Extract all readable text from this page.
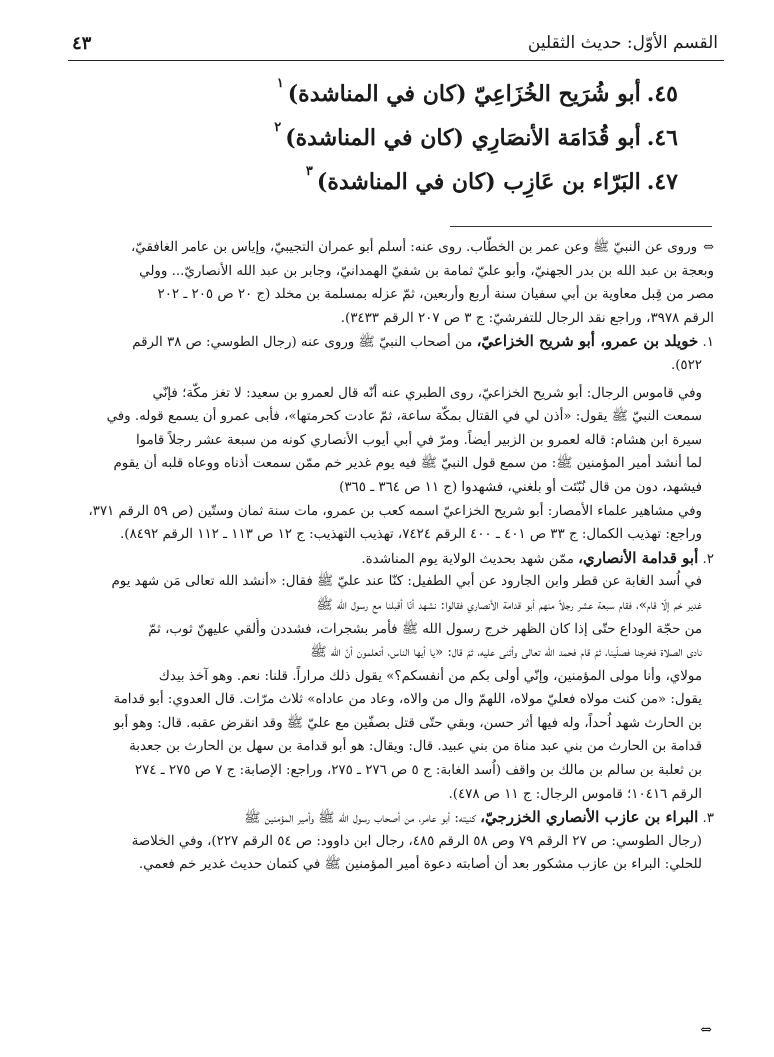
القسم الأوّل: حديث الثقلين
٤٣
٤٥.أبو شُرَيح الخُزَاعِيّ (كان في المناشدة)$^١$
٤٦.أبو قُدَامَة الأنصَارِي (كان في المناشدة)$^٢$
٤٧.البَرّاء بن عَازِب (كان في المناشدة)$^٣$
⇔وروى عن النبيّ ﷺ وعن عمر بن الخطّاب. روى عنه: أسلم أبو عمران التجيبيّ، وإياس بن عامر الغافقيّ،
وبعجة بن عبد الله بن بدر الجهنيّ، وأبو عليّ ثمامة بن شفيّ الهمدانيّ، وجابر بن عبد الله الأنصاريّ... وولي
مصر من قِبل معاوية بن أبي سفيان سنة أربع وأربعين، ثمّ عزله بمسلمة بن مخلد (ج ٢٠ ص ٢٠٥ ـ ٢٠٢
الرقم ٣٩٧٨، وراجع نقد الرجال للتفرشيّ: ج ٣ ص ٢٠٧ الرقم ٣٤٣٣).
١. خويلد بن عمرو، أبو شريح الخزاعيّ، من أصحاب النبيّ ﷺ وروى عنه (رجال الطوسي: ص ٣٨ الرقم
٥٢٢).
وفي قاموس الرجال: أبو شريح الخزاعيّ، روى الطبري عنه أنّه قال لعمرو بن سعيد: لا تغز مكّة؛ فإنّي
سمعت النبيّ ﷺ يقول: «أذن لي في القتال بمكّة ساعة، ثمّ عادت كحرمتها»، فأبى عمرو أن يسمع قوله. وفي
سيرة ابن هشام: قاله لعمرو بن الزبير أيضاً. ومرّ في أبي أيوب الأنصاري كونه من سبعة عشر رجلاً قاموا
لما أنشد أمير المؤمنين ﷺ: من سمع قول النبيّ ﷺ فيه يوم غدير خم ممّن سمعت أذناه ووعاه قلبه أن يقوم
فيشهد، دون من قال نُبّئت أو بلغني، فشهدوا (ج ١١ ص ٣٦٤ ـ ٣٦٥)
وفي مشاهير علماء الأمصار: أبو شريح الخزاعيّ اسمه كعب بن عمرو، مات سنة ثمان وستّين (ص ٥٩ الرقم ٣٧١،
وراجع: تهذيب الكمال: ج ٣٣ ص ٤٠١ ـ ٤٠٠ الرقم ٧٤٢٤، تهذيب التهذيب: ج ١٢ ص ١١٣ ـ ١١٢ الرقم ٨٤٩٢).
٢. أبو قدامة الأنصاري، ممّن شهد بحديث الولاية يوم المناشدة.
في اُسد الغابة عن قطر وابن الجارود عن أبي الطفيل: كنّا عند عليّ ﷺ فقال: «أنشد الله تعالى مَن شهد يوم
غدير خم إلّا قام»، فقام سبعة عشر رجلاً منهم أبو قدامة الأنصاري فقالوا: نشهد أنّا أقبلنا مع رسول الله ﷺ
من حجّة الوداع حتّى إذا كان الظهر خرج رسول الله ﷺ فأمر بشجرات، فشددن وأُلقي عليهنّ ثوب، ثمّ
نادى الصلاة فخرجنا فصلّينا، ثمّ قام فحمد الله تعالى وأثنى عليه، ثمّ قال: «يا أيها الناس، أتعلمون أنّ الله ﷺ
مولاي، وأنا مولى المؤمنين، وإنّي أولى بكم من أنفسكم؟» يقول ذلك مراراً. قلنا: نعم. وهو آخذ بيدك
يقول: «من كنت مولاه فعليّ مولاه، اللهمّ وال من والاه، وعاد من عاداه» ثلاث مرّات. قال العدوي: أبو قدامة
بن الحارث شهد اُحداً، وله فيها أثر حسن، وبقي حتّى قتل بصفّين مع عليّ ﷺ وقد انقرض عقبه. قال: وهو أبو
قدامة بن الحارث من بني عبد مناة من بني عبيد. قال: ويقال: هو أبو قدامة بن سهل بن الحارث بن جعدبة
بن ثعلبة بن سالم بن مالك بن واقف (اُسد الغابة: ج ٥ ص ٢٧٦ ـ ٢٧٥، وراجع: الإصابة: ج ٧ ص ٢٧٥ ـ ٢٧٤
الرقم ١٠٤١٦؛ قاموس الرجال: ج ١١ ص ٤٧٨).
٣. البراء بن عازب الأنصاري الخزرجيّ، كنيته: أبو عامر، من أصحاب رسول الله ﷺ وأمير المؤمنين ﷺ
(رجال الطوسي: ص ٢٧ الرقم ٧٩ وص ٥٨ الرقم ٤٨٥، رجال ابن داوود: ص ٥٤ الرقم ٢٢٧)، وفي الخلاصة
للحلي: البراء بن عازب مشكور بعد أن أصابته دعوة أمير المؤمنين ﷺ في كتمان حديث غدير خم فعمي.
⇔
